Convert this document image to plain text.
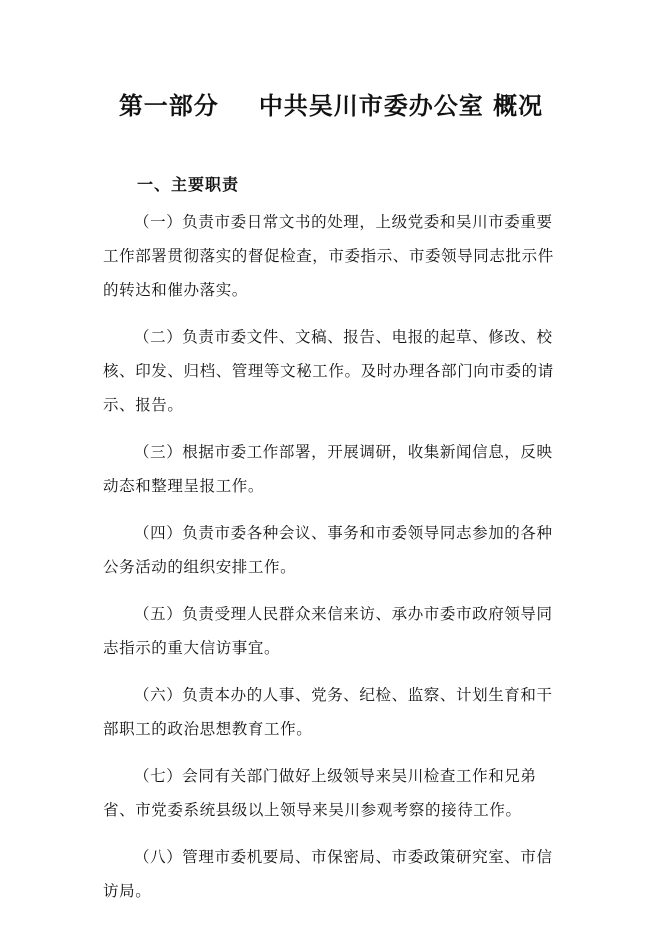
第一部分 中共吴川市委办公室 概况
一、主要职责

（一）负责市委日常文书的处理，上级党委和吴川市委重要工作部署贯彻落实的督促检查，市委指示、市委领导同志批示件的转达和催办落实。

（二）负责市委文件、文稿、报告、电报的起草、修改、校核、印发、归档、管理等文秘工作。及时办理各部门向市委的请示、报告。

（三）根据市委工作部署，开展调研，收集新闻信息，反映动态和整理呈报工作。

（四）负责市委各种会议、事务和市委领导同志参加的各种公务活动的组织安排工作。

（五）负责受理人民群众来信来访、承办市委市政府领导同志指示的重大信访事宜。

（六）负责本办的人事、党务、纪检、监察、计划生育和干部职工的政治思想教育工作。

（七）会同有关部门做好上级领导来吴川检查工作和兄弟省、市党委系统县级以上领导来吴川参观考察的接待工作。

（八）管理市委机要局、市保密局、市委政策研究室、市信访局。
